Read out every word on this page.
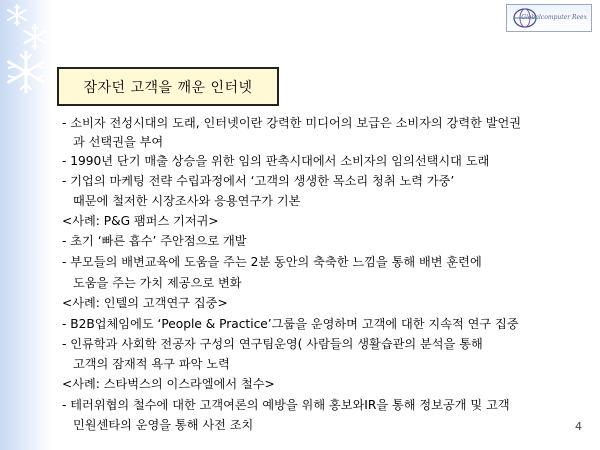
Globalcomputer Reex
잠자던 고객을 깨운 인터넷
- 소비자 전성시대의 도래, 인터넷이란 강력한 미디어의 보급은 소비자의 강력한 발언권
과 선택권을 부여
- 1990년 단기 매출 상승을 위한 임의 판촉시대에서 소비자의 임의선택시대 도래
- 기업의 마케팅 전략 수립과정에서 ‘고객의 생생한 목소리 청취 노력 가중’
때문에 철저한 시장조사와 응용연구가 기본
<사례: P&G 팸퍼스 기저귀>
- 초기 ‘빠른 흡수’ 주안점으로 개발
- 부모들의 배변교육에 도움을 주는 2분 동안의 축축한 느낌을 통해 배변 훈련에
도움을 주는 가치 제공으로 변화
<사례: 인텔의 고객연구 집중>
- B2B업체임에도 ‘People & Practice’그룹을 운영하며 고객에 대한 지속적 연구 집중
- 인류학과 사회학 전공자 구성의 연구팀운영( 사람들의 생활습관의 분석을 통해
고객의 잠재적 욕구 파악 노력
<사례: 스타벅스의 이스라엘에서 철수>
- 테러위협의 철수에 대한 고객여론의 예방을 위해 홍보와IR을 통해 정보공개 및 고객
민원센타의 운영을 통해 사전 조치	4
